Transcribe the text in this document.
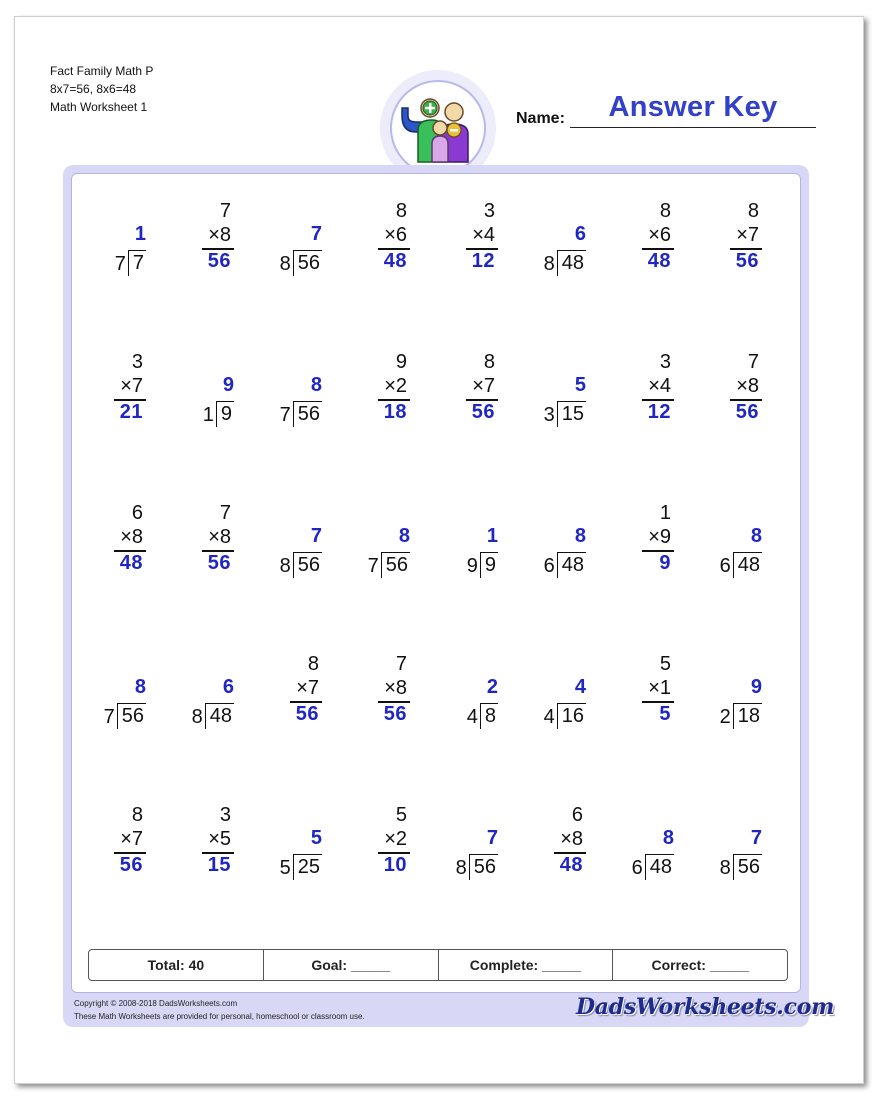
Fact Family Math P
8x7=56, 8x6=48
Math Worksheet 1
Name:	Answer Key
1
7 7
7
×8
56
7
8 56
8
×6
48
3
×4
12
6
8 48
8
×6
48
8
×7
56
3
×7
21
9
1 9
8
7 56
9
×2
18
8
×7
56
5
3 15
3
×4
12
7
×8
56
6
×8
48
7
×8
56
7
8 56
8
7 56
1
9 9
8
6 48
1
×9
9
8
6 48
8
7 56
6
8 48
8
×7
56
7
×8
56
2
4 8
4
4 16
5
×1
5
9
2 18
8
×7
56
3
×5
15
5
5 25
5
×2
10
7
8 56
6
×8
48
8
6 48
7
8 56
Total: 40	Goal: _____	Complete: _____	Correct: _____
Copyright © 2008-2018 DadsWorksheets.com
These Math Worksheets are provided for personal, homeschool or classroom use.	DadsWorksheets.com
